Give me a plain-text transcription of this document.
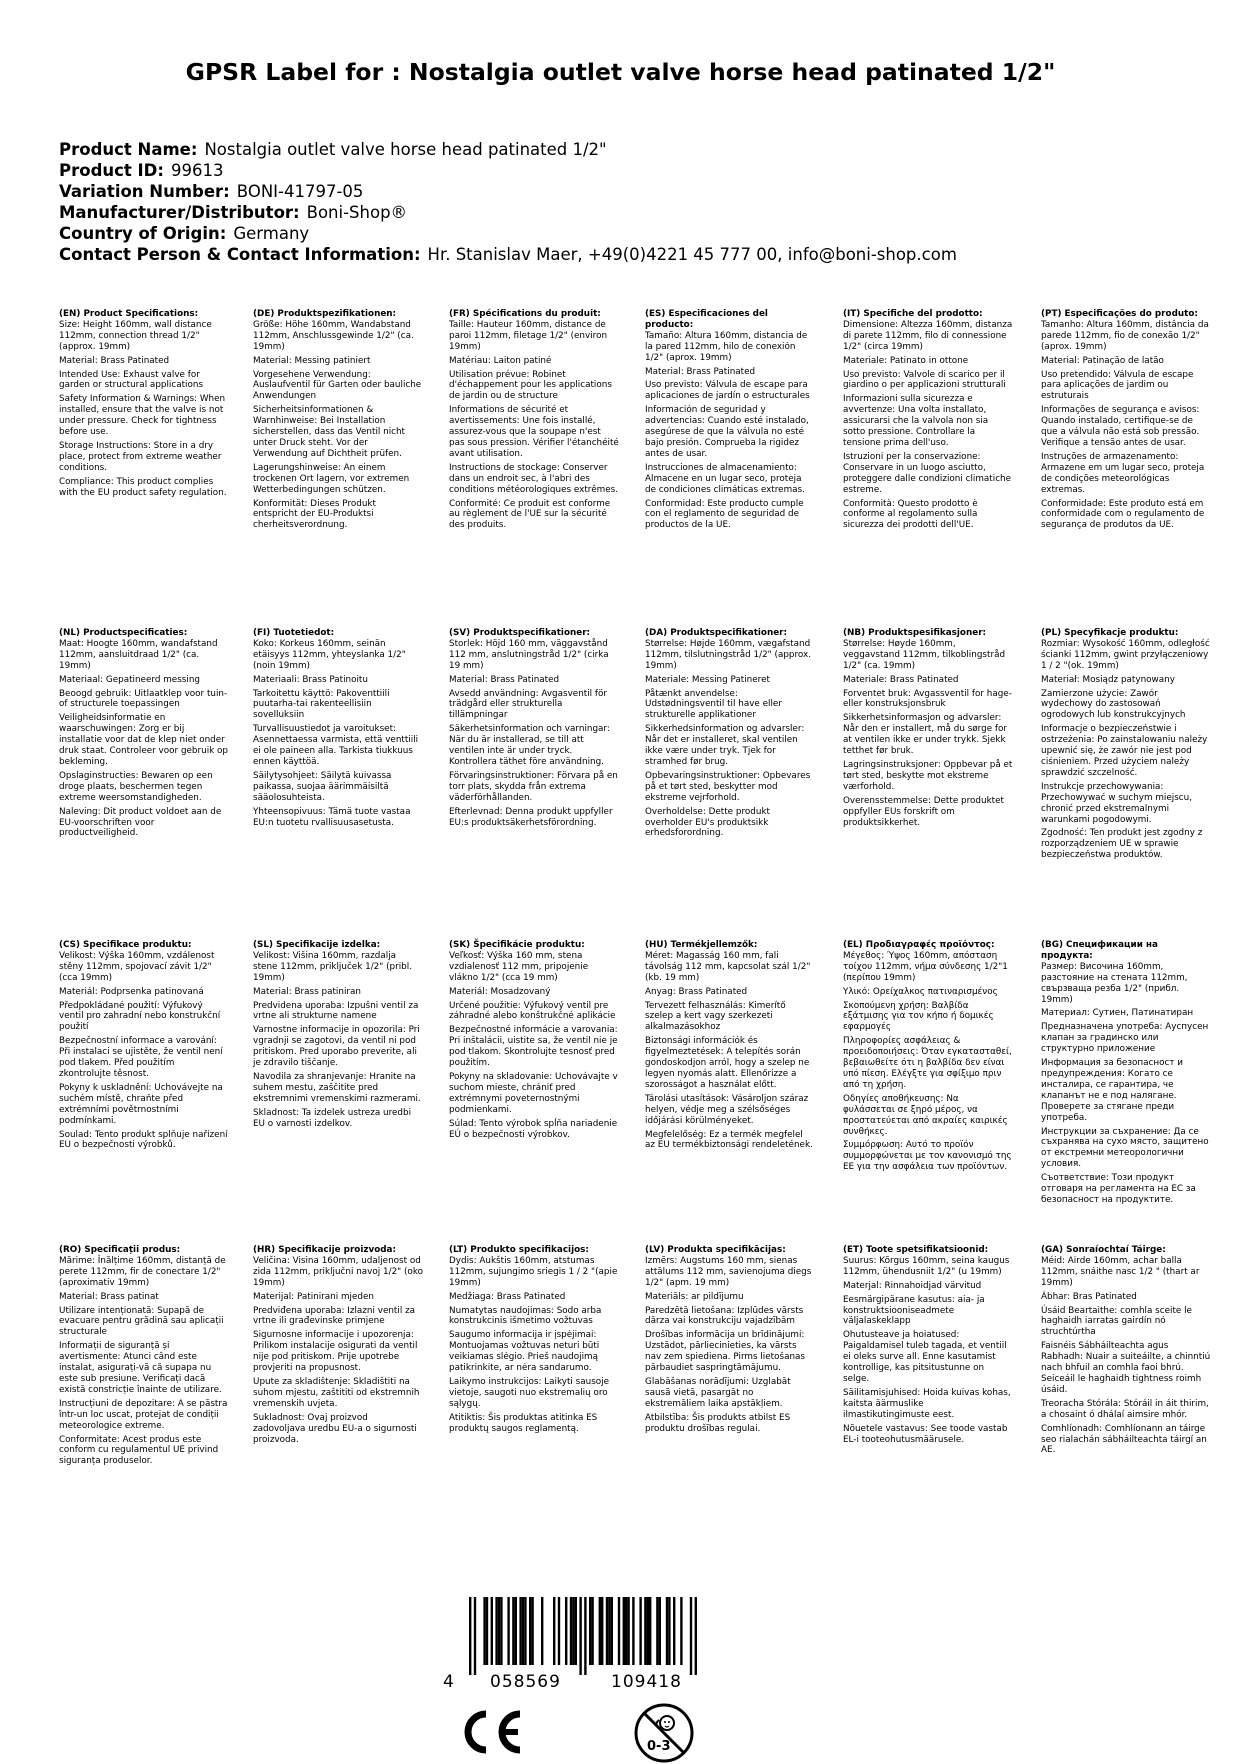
GPSR Label for : Nostalgia outlet valve horse head patinated 1/2"
Product Name: Nostalgia outlet valve horse head patinated 1/2"
Product ID: 99613
Variation Number: BONI-41797-05
Manufacturer/Distributor: Boni-Shop®
Country of Origin: Germany
Contact Person & Contact Information: Hr. Stanislav Maer, +49(0)4221 45 777 00, info@boni-shop.com
(EN) Product Specifications:

Size: Height 160mm, wall distance 112mm, connection thread 1/2" (approx. 19mm)

Material: Brass Patinated

Intended Use: Exhaust valve for garden or structural applications

Safety Information & Warnings: When installed, ensure that the valve is not under pressure. Check for tightness before use.

Storage Instructions: Store in a dry place, protect from extreme weather conditions.

Compliance: This product complies with the EU product safety regulation.

(DE) Produktspezifikationen:

Größe: Höhe 160mm, Wandabstand 112mm, Anschlussgewinde 1/2" (ca. 19mm)

Material: Messing patiniert

Vorgesehene Verwendung: Auslaufventil für Garten oder bauliche Anwendungen

Sicherheitsinformationen & Warnhinweise: Bei Installation sicherstellen, dass das Ventil nicht unter Druck steht. Vor der Verwendung auf Dichtheit prüfen.

Lagerungshinweise: An einem trockenen Ort lagern, vor extremen Wetterbedingungen schützen.

Konformität: Dieses Produkt entspricht der EU-Produktsi cherheitsverordnung.

(FR) Spécifications du produit:

Taille: Hauteur 160mm, distance de paroi 112mm, filetage 1/2" (environ 19mm)

Matériau: Laiton patiné

Utilisation prévue: Robinet d'échappement pour les applications de jardin ou de structure

Informations de sécurité et avertissements: Une fois installé, assurez-vous que la soupape n'est pas sous pression. Vérifier l'étanchéité avant utilisation.

Instructions de stockage: Conserver dans un endroit sec, à l'abri des conditions météorologiques extrêmes.

Conformité: Ce produit est conforme au règlement de l'UE sur la sécurité des produits.

(ES) Especificaciones del producto:

Tamaño: Altura 160mm, distancia de la pared 112mm, hilo de conexión 1/2" (aprox. 19mm)

Material: Brass Patinated

Uso previsto: Válvula de escape para aplicaciones de jardín o estructurales

Información de seguridad y advertencias: Cuando esté instalado, asegúrese de que la válvula no esté bajo presión. Comprueba la rigidez antes de usar.

Instrucciones de almacenamiento: Almacene en un lugar seco, proteja de condiciones climáticas extremas.

Conformidad: Este producto cumple con el reglamento de seguridad de productos de la UE.

(IT) Specifiche del prodotto:

Dimensione: Altezza 160mm, distanza di parete 112mm, filo di connessione 1/2" (circa 19mm)

Materiale: Patinato in ottone

Uso previsto: Valvole di scarico per il giardino o per applicazioni strutturali

Informazioni sulla sicurezza e avvertenze: Una volta installato, assicurarsi che la valvola non sia sotto pressione. Controllare la tensione prima dell'uso.

Istruzioni per la conservazione: Conservare in un luogo asciutto, proteggere dalle condizioni climatiche estreme.

Conformità: Questo prodotto è conforme al regolamento sulla sicurezza dei prodotti dell'UE.

(PT) Especificações do produto:

Tamanho: Altura 160mm, distância da parede 112mm, fio de conexão 1/2" (aprox. 19mm)

Material: Patinação de latão

Uso pretendido: Válvula de escape para aplicações de jardim ou estruturais

Informações de segurança e avisos: Quando instalado, certifique-se de que a válvula não está sob pressão. Verifique a tensão antes de usar.

Instruções de armazenamento: Armazene em um lugar seco, proteja de condições meteorológicas extremas.

Conformidade: Este produto está em conformidade com o regulamento de segurança de produtos da UE.

(NL) Productspecificaties:

Maat: Hoogte 160mm, wandafstand 112mm, aansluitdraad 1/2" (ca. 19mm)

Materiaal: Gepatineerd messing

Beoogd gebruik: Uitlaatklep voor tuin- of structurele toepassingen

Veiligheidsinformatie en waarschuwingen: Zorg er bij installatie voor dat de klep niet onder druk staat. Controleer voor gebruik op bekleming.

Opslaginstructies: Bewaren op een droge plaats, beschermen tegen extreme weersomstandigheden.

Naleving: Dit product voldoet aan de EU-voorschriften voor productveiligheid.

(FI) Tuotetiedot:

Koko: Korkeus 160mm, seinän etäisyys 112mm, yhteyslanka 1/2" (noin 19mm)

Materiaali: Brass Patinoitu

Tarkoitettu käyttö: Pakoventtiili puutarha-tai rakenteellisiin sovelluksiin

Turvallisuustiedot ja varoitukset: Asennettaessa varmista, että venttiili ei ole paineen alla. Tarkista tiukkuus ennen käyttöä.

Säilytysohjeet: Säilytä kuivassa paikassa, suojaa äärimmäisiltä sääolosuhteista.

Yhteensopivuus: Tämä tuote vastaa EU:n tuotetu rvallisuusasetusta.

(SV) Produktspecifikationer:

Storlek: Höjd 160 mm, väggavstånd 112 mm, anslutningstråd 1/2" (cirka 19 mm)

Material: Brass Patinated

Avsedd användning: Avgasventil för trädgård eller strukturella tillämpningar

Säkerhetsinformation och varningar: När du är installerad, se till att ventilen inte är under tryck. Kontrollera täthet före användning.

Förvaringsinstruktioner: Förvara på en torr plats, skydda från extrema väderförhållanden.

Efterlevnad: Denna produkt uppfyller EU:s produktsäkerhetsförordning.

(DA) Produktspecifikationer:

Størrelse: Højde 160mm, vægafstand 112mm, tilslutningstråd 1/2" (approx. 19mm)

Materiale: Messing Patineret

Påtænkt anvendelse: Udstødningsventil til have eller strukturelle applikationer

Sikkerhedsinformation og advarsler: Når det er installeret, skal ventilen ikke være under tryk. Tjek for stramhed før brug.

Opbevaringsinstruktioner: Opbevares på et tørt sted, beskytter mod ekstreme vejrforhold.

Overholdelse: Dette produkt overholder EU's produktsikk erhedsforordning.

(NB) Produktspesifikasjoner:

Størrelse: Høyde 160mm, veggavstand 112mm, tilkoblingstråd 1/2" (ca. 19mm)

Materiale: Brass Patinated

Forventet bruk: Avgassventil for hage- eller konstruksjonsbruk

Sikkerhetsinformasjon og advarsler: Når den er installert, må du sørge for at ventilen ikke er under trykk. Sjekk tetthet før bruk.

Lagringsinstruksjoner: Oppbevar på et tørt sted, beskytte mot ekstreme værforhold.

Overensstemmelse: Dette produktet oppfyller EUs forskrift om produktsikkerhet.

(PL) Specyfikacje produktu:

Rozmiar: Wysokość 160mm, odległość ścianki 112mm, gwint przyłączeniowy 1 / 2 "(ok. 19mm)

Materiał: Mosiądz patynowany

Zamierzone użycie: Zawór wydechowy do zastosowań ogrodowych lub konstrukcyjnych

Informacje o bezpieczeństwie i ostrzeżenia: Po zainstalowaniu należy upewnić się, że zawór nie jest pod ciśnieniem. Przed użyciem należy sprawdzić szczelność.

Instrukcje przechowywania: Przechowywać w suchym miejscu, chronić przed ekstremalnymi warunkami pogodowymi.

Zgodność: Ten produkt jest zgodny z rozporządzeniem UE w sprawie bezpieczeństwa produktów.

(CS) Specifikace produktu:

Velikost: Výška 160mm, vzdálenost stěny 112mm, spojovací závit 1/2" (cca 19mm)

Materiál: Podprsenka patinovaná

Předpokládané použití: Výfukový ventil pro zahradní nebo konstrukční použití

Bezpečnostní informace a varování: Při instalaci se ujistěte, že ventil není pod tlakem. Před použitím zkontrolujte těsnost.

Pokyny k uskladnění: Uchovávejte na suchém místě, chraňte před extrémními povětrnostními podmínkami.

Soulad: Tento produkt splňuje nařízení EU o bezpečnosti výrobků.

(SL) Specifikacije izdelka:

Velikost: Višina 160mm, razdalja stene 112mm, priključek 1/2" (pribl. 19mm)

Material: Brass patiniran

Predvidena uporaba: Izpušni ventil za vrtne ali strukturne namene

Varnostne informacije in opozorila: Pri vgradnji se zagotovi, da ventil ni pod pritiskom. Pred uporabo preverite, ali je zdravilo tiščanje.

Navodila za shranjevanje: Hranite na suhem mestu, zaščitite pred ekstremnimi vremenskimi razmerami.

Skladnost: Ta izdelek ustreza uredbi EU o varnosti izdelkov.

(SK) Špecifikácie produktu:

Veľkosť: Výška 160 mm, stena vzdialenosť 112 mm, pripojenie vlákno 1/2" (cca 19 mm)

Materiál: Mosadzovaný

Určené použitie: Výfukový ventil pre záhradné alebo konštrukčné aplikácie

Bezpečnostné informácie a varovania: Pri inštalácii, uistite sa, že ventil nie je pod tlakom. Skontrolujte tesnosť pred použitím.

Pokyny na skladovanie: Uchovávajte v suchom mieste, chrániť pred extrémnymi poveternostnými podmienkami.

Súlad: Tento výrobok spĺňa nariadenie EÚ o bezpečnosti výrobkov.

(HU) Termékjellemzők:

Méret: Magasság 160 mm, fali távolság 112 mm, kapcsolat szál 1/2" (kb. 19 mm)

Anyag: Brass Patinated

Tervezett felhasználás: Kimerítő szelep a kert vagy szerkezeti alkalmazásokhoz

Biztonsági információk és figyelmeztetések: A telepítés során gondoskodjon arról, hogy a szelep ne legyen nyomás alatt. Ellenőrizze a szorosságot a használat előtt.

Tárolási utasítások: Vásároljon száraz helyen, védje meg a szélsőséges időjárási körülményeket.

Megfelelőség: Ez a termék megfelel az EU termékbiztonsági rendeletének.

(EL) Προδιαγραφές προϊόντος:

Μέγεθος: Ύψος 160mm, απόσταση τοίχου 112mm, νήμα σύνδεσης 1/2"1 (περίπου 19mm)

Υλικό: Ορείχαλκος πατιναρισμένος

Σκοπούμενη χρήση: Βαλβίδα εξάτμισης για τον κήπο ή δομικές εφαρμογές

Πληροφορίες ασφάλειας & προειδοποιήσεις: Όταν εγκατασταθεί, βεβαιωθείτε ότι η βαλβίδα δεν είναι υπό πίεση. Ελέγξτε για σφίξιμο πριν από τη χρήση.

Οδηγίες αποθήκευσης: Να φυλάσσεται σε ξηρό μέρος, να προστατεύεται από ακραίες καιρικές συνθήκες.

Συμμόρφωση: Αυτό το προϊόν συμμορφώνεται με τον κανονισμό της ΕΕ για την ασφάλεια των προϊόντων.

(BG) Спецификации на продукта:

Размер: Височина 160mm, разстояние на стената 112mm, свързваща резба 1/2" (прибл. 19mm)

Материал: Сутиен, Патинатиран

Предназначена употреба: Ауспусен клапан за градинско или структурно приложение

Информация за безопасност и предупреждения: Когато се инсталира, се гарантира, че клапанът не е под налягане. Проверете за стягане преди употреба.

Инструкции за съхранение: Да се съхранява на сухо място, защитено от екстремни метеорологични условия.

Съответствие: Този продукт отговаря на регламента на ЕС за безопасност на продуктите.

(RO) Specificații produs:

Mărime: Înălțime 160mm, distanță de perete 112mm, fir de conectare 1/2" (aproximativ 19mm)

Material: Brass patinat

Utilizare intenționată: Supapă de evacuare pentru grădină sau aplicații structurale

Informații de siguranță și avertismente: Atunci când este instalat, asigurați-vă că supapa nu este sub presiune. Verificați dacă există constricție înainte de utilizare.

Instrucțiuni de depozitare: A se păstra într-un loc uscat, protejat de condiții meteorologice extreme.

Conformitate: Acest produs este conform cu regulamentul UE privind siguranța produselor.

(HR) Specifikacije proizvoda:

Veličina: Visina 160mm, udaljenost od zida 112mm, priključni navoj 1/2" (oko 19mm)

Materijal: Patinirani mjeden

Predviđena uporaba: Izlazni ventil za vrtne ili građevinske primjene

Sigurnosne informacije i upozorenja: Prilikom instalacije osigurati da ventil nije pod pritiskom. Prije upotrebe provjeriti na propusnost.

Upute za skladištenje: Skladištiti na suhom mjestu, zaštititi od ekstremnih vremenskih uvjeta.

Sukladnost: Ovaj proizvod zadovoljava uredbu EU-a o sigurnosti proizvoda.

(LT) Produkto specifikacijos:

Dydis: Aukštis 160mm, atstumas 112mm, sujungimo sriegis 1 / 2 "(apie 19mm)

Medžiaga: Brass Patinated

Numatytas naudojimas: Sodo arba konstrukcinis išmetimo vožtuvas

Saugumo informacija ir įspėjimai: Montuojamas vožtuvas neturi būti veikiamas slėgio. Prieš naudojimą patikrinkite, ar nėra sandarumo.

Laikymo instrukcijos: Laikyti sausoje vietoje, saugoti nuo ekstremalių oro sąlygų.

Atitiktis: Šis produktas atitinka ES produktų saugos reglamentą.

(LV) Produkta specifikācijas:

Izmērs: Augstums 160 mm, sienas attālums 112 mm, savienojuma diegs 1/2" (apm. 19 mm)

Materiāls: ar pildījumu

Paredzētā lietošana: Izplūdes vārsts dārza vai konstrukciju vajadzībām

Drošības informācija un brīdinājumi: Uzstādot, pārliecinieties, ka vārsts nav zem spiediena. Pirms lietošanas pārbaudiet saspringtāmājumu.

Glabāšanas norādījumi: Uzglabāt sausā vietā, pasargāt no ekstremāliem laika apstākļiem.

Atbilstība: Šis produkts atbilst ES produktu drošības regulai.

(ET) Toote spetsifikatsioonid:

Suurus: Kõrgus 160mm, seina kaugus 112mm, ühendusniit 1/2" (u 19mm)

Materjal: Rinnahoidjad värvitud

Eesmärgipärane kasutus: aia- ja konstruktsiooniseadmete väljalaskeklapp

Ohutusteave ja hoiatused: Paigaldamisel tuleb tagada, et ventiil ei oleks surve all. Enne kasutamist kontrollige, kas pitsitustunne on selge.

Säilitamisjuhised: Hoida kuivas kohas, kaitsta äärmuslike ilmastikutingimuste eest.

Nõuetele vastavus: See toode vastab EL-i tooteohutusmäärusele.

(GA) Sonraíochtaí Táirge:

Méid: Airde 160mm, achar balla 112mm, snáithe nasc 1/2 " (thart ar 19mm)

Ábhar: Bras Patinated

Úsáid Beartaithe: comhla sceite le haghaidh iarratas gairdín nó struchtúrtha

Faisnéis Sábháilteachta agus Rabhadh: Nuair a suiteáilte, a chinntiú nach bhfuil an comhla faoi bhrú. Seiceáil le haghaidh tightness roimh úsáid.

Treoracha Stórála: Stóráil in áit thirim, a chosaint ó dhálaí aimsire mhór.

Comhlíonadh: Comhlíonann an táirge seo rialachán sábháilteachta táirgí an AE.

4 058569	109418
0-3
